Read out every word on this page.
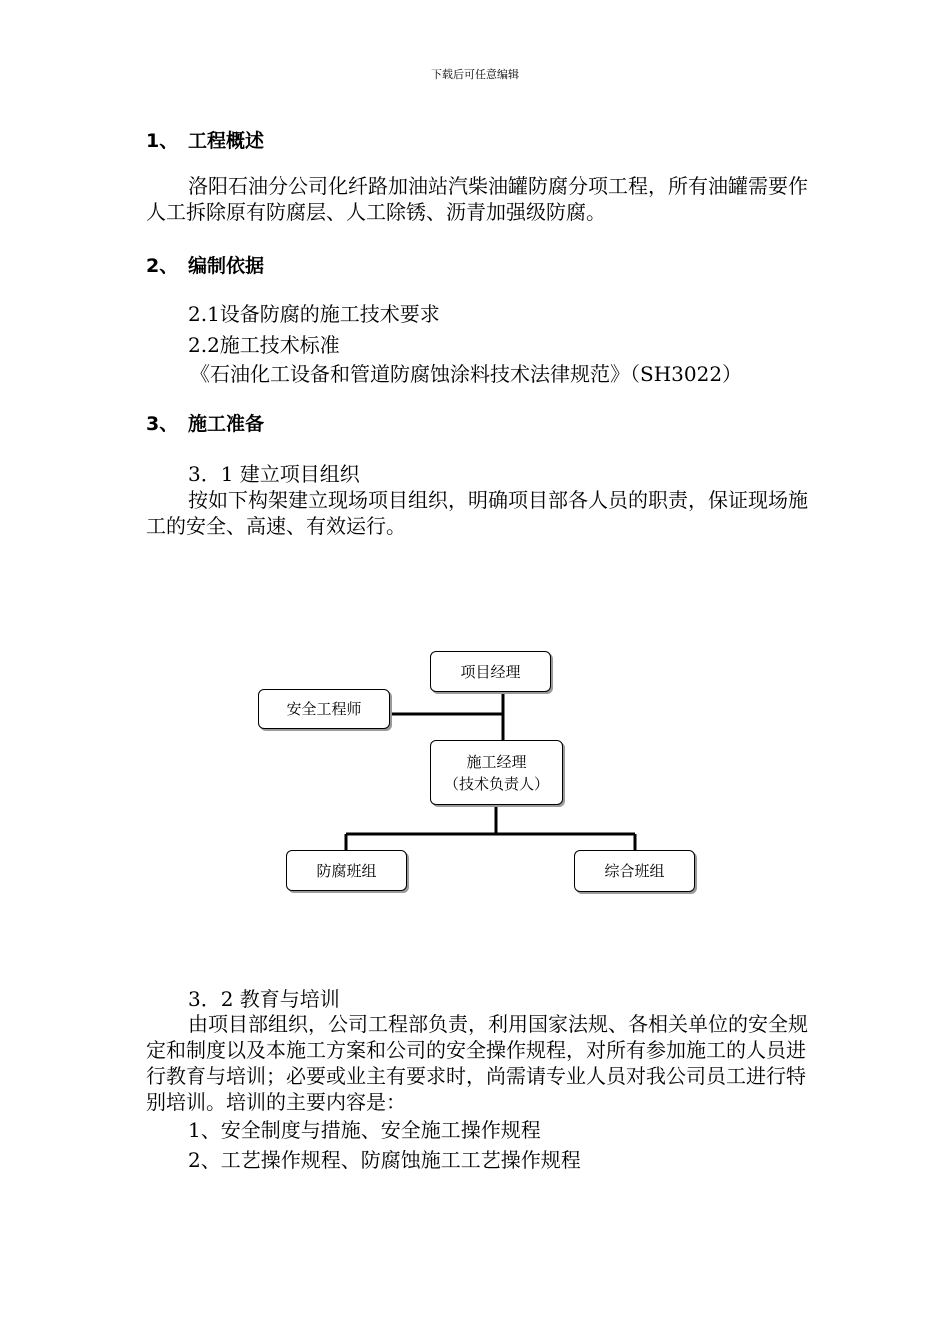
下载后可任意编辑
1、 工程概述
洛阳石油分公司化纤路加油站汽柴油罐防腐分项工程，所有油罐需要作人工拆除原有防腐层、人工除锈、沥青加强级防腐。
2、 编制依据
2.1设备防腐的施工技术要求
2.2施工技术标准
《石油化工设备和管道防腐蚀涂料技术法律规范》（SH3022）
3、 施工准备
3．1 建立项目组织
按如下构架建立现场项目组织，明确项目部各人员的职责，保证现场施工的安全、高速、有效运行。
项目经理
安全工程师
施工经理
（技术负责人）
防腐班组	综合班组
3．2 教育与培训
由项目部组织，公司工程部负责，利用国家法规、各相关单位的安全规定和制度以及本施工方案和公司的安全操作规程，对所有参加施工的人员进行教育与培训；必要或业主有要求时，尚需请专业人员对我公司员工进行特别培训。培训的主要内容是：
1、安全制度与措施、安全施工操作规程
2、工艺操作规程、防腐蚀施工工艺操作规程
